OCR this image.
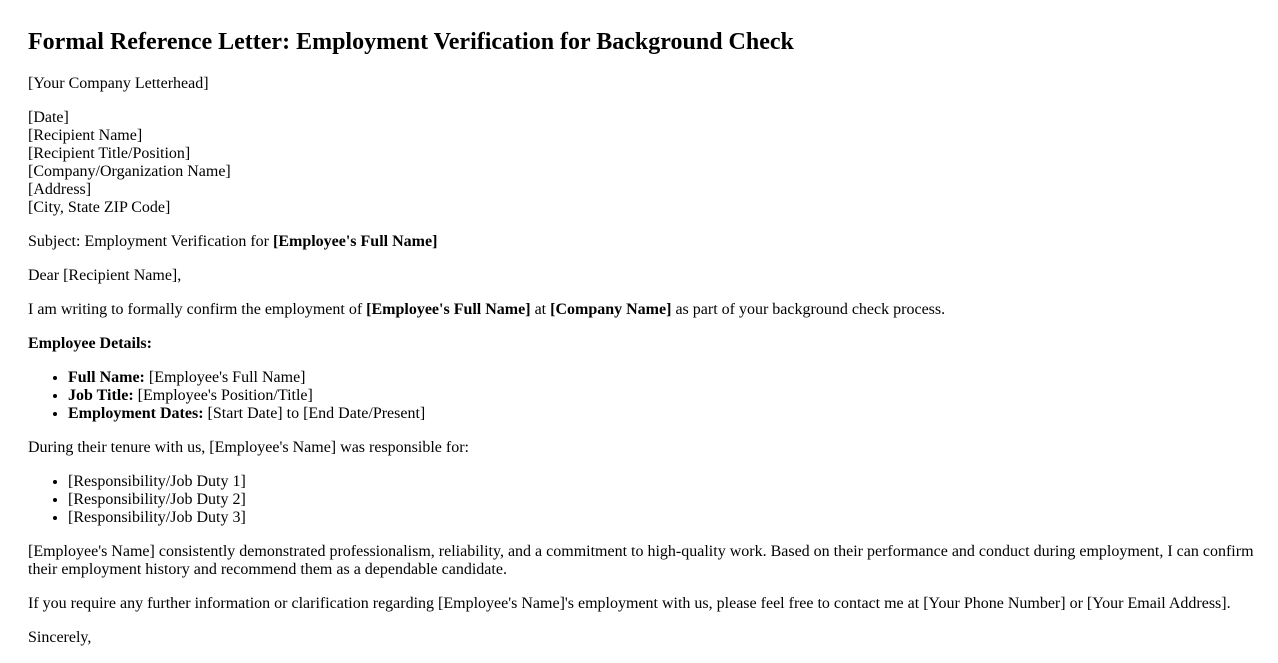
Formal Reference Letter: Employment Verification for Background Check

[Your Company Letterhead]

[Date]
[Recipient Name]
[Recipient Title/Position]
[Company/Organization Name]
[Address]
[City, State ZIP Code]

Subject: Employment Verification for [Employee's Full Name]

Dear [Recipient Name],

I am writing to formally confirm the employment of [Employee's Full Name] at [Company Name] as part of your background check process.

Employee Details:

• Full Name: [Employee's Full Name]
• Job Title: [Employee's Position/Title]
• Employment Dates: [Start Date] to [End Date/Present]

During their tenure with us, [Employee's Name] was responsible for:

• [Responsibility/Job Duty 1]
• [Responsibility/Job Duty 2]
• [Responsibility/Job Duty 3]

[Employee's Name] consistently demonstrated professionalism, reliability, and a commitment to high-quality work. Based on their performance and conduct during employment, I can confirm their employment history and recommend them as a dependable candidate.

If you require any further information or clarification regarding [Employee's Name]'s employment with us, please feel free to contact me at [Your Phone Number] or [Your Email Address].

Sincerely,
